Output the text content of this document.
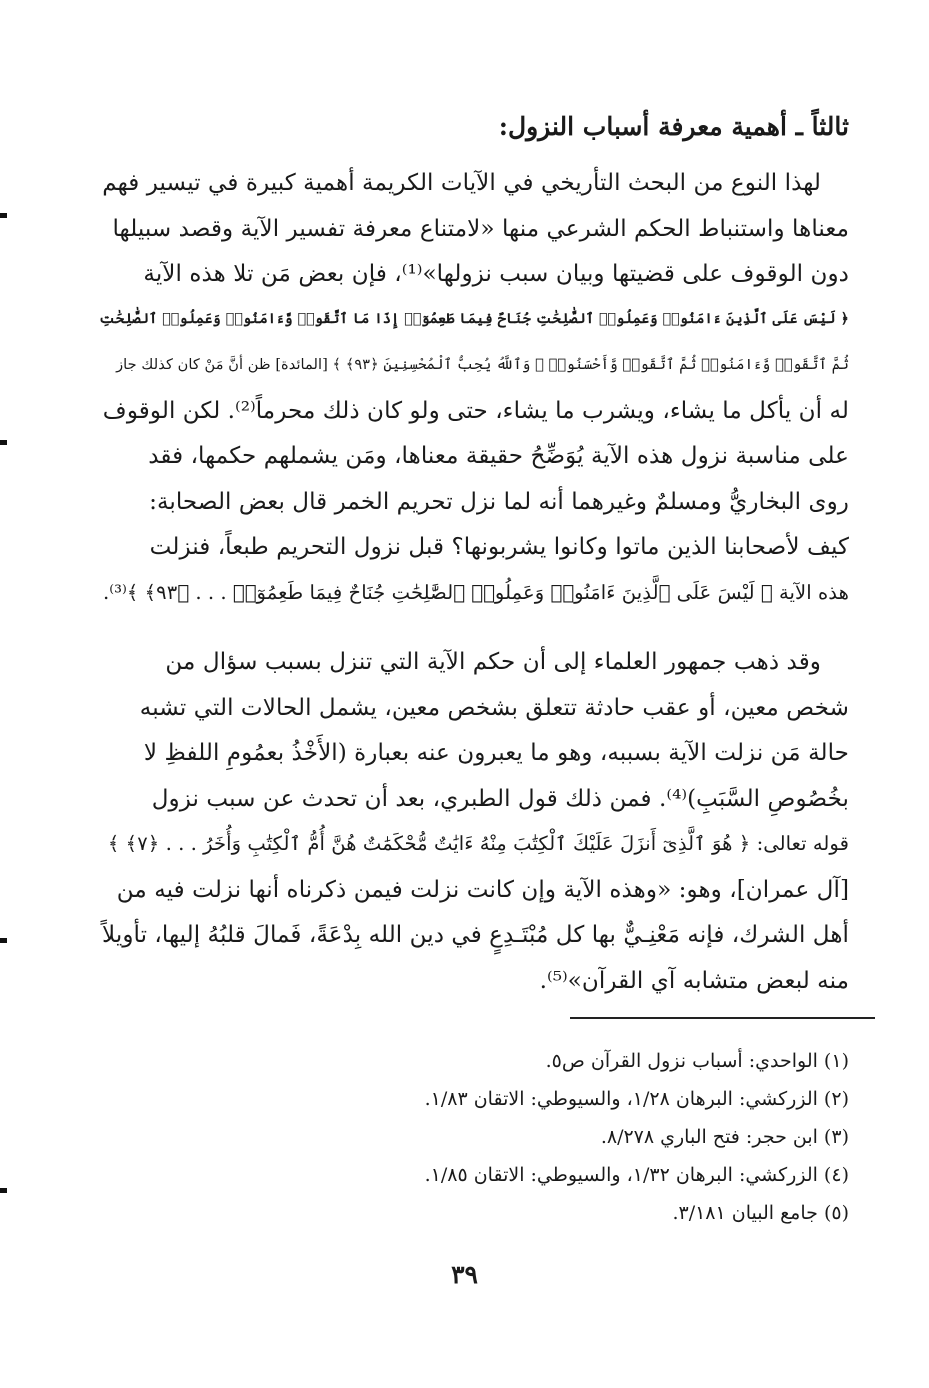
ثالثاً ـ أهمية معرفة أسباب النزول:

لهذا النوع من البحث التأريخي في الآيات الكريمة أهمية كبيرة في تيسير فهم
معناها واستنباط الحكم الشرعي منها «لامتناع معرفة تفسير الآية وقصد سبيلها
دون الوقوف على قضيتها وبيان سبب نزولها»⁽¹⁾، فإن بعض مَن تلا هذه الآية
﴿ لَيْسَ عَلَى ٱلَّذِينَ ءَامَنُوا۟ وَعَمِلُوا۟ ٱلصَّٰلِحَٰتِ جُنَاحٌ فِيمَا طَعِمُوٓا۟ إِذَا مَا ٱتَّقَوا۟ وَّءَامَنُوا۟ وَعَمِلُوا۟ ٱلصَّٰلِحَٰتِ
ثُمَّ ٱتَّقَوا۟ وَّءَامَنُوا۟ ثُمَّ ٱتَّقَوا۟ وَّأَحْسَنُوا۟ ۗ وَٱللَّهُ يُحِبُّ ٱلْمُحْسِنِينَ ﴿٩٣﴾ ﴾ [المائدة] ظن أنَّ مَنْ كان كذلك جاز
له أن يأكل ما يشاء، ويشرب ما يشاء، حتى ولو كان ذلك محرماً⁽²⁾. لكن الوقوف
على مناسبة نزول هذه الآية يُوَضِّحُ حقيقة معناها، ومَن يشملهم حكمها، فقد
روى البخاريُّ ومسلمٌ وغيرهما أنه لما نزل تحريم الخمر قال بعض الصحابة:
كيف لأصحابنا الذين ماتوا وكانوا يشربونها؟ قبل نزول التحريم طبعاً، فنزلت
هذه الآية ﴿ لَيْسَ عَلَى ٱلَّذِينَ ءَامَنُوا۟ وَعَمِلُوا۟ ٱلصَّٰلِحَٰتِ جُنَاحٌ فِيمَا طَعِمُوٓا۟ . . . ﴿٩٣﴾ ﴾⁽³⁾.

وقد ذهب جمهور العلماء إلى أن حكم الآية التي تنزل بسبب سؤال من
شخص معين، أو عقب حادثة تتعلق بشخص معين، يشمل الحالات التي تشبه
حالة مَن نزلت الآية بسببه، وهو ما يعبرون عنه بعبارة (الأَخْذُ بعمُومِ اللفظِ لا
بخُصُوصِ السَّبَبِ)⁽⁴⁾. فمن ذلك قول الطبري، بعد أن تحدث عن سبب نزول
قوله تعالى: ﴿ هُوَ ٱلَّذِىٓ أَنزَلَ عَلَيْكَ ٱلْكِتَٰبَ مِنْهُ ءَايَٰتٌ مُّحْكَمَٰتٌ هُنَّ أُمُّ ٱلْكِتَٰبِ وَأُخَرُ . . . ﴿٧﴾ ﴾
[آل عمران]، وهو: «وهذه الآية وإن كانت نزلت فيمن ذكرناه أنها نزلت فيه من
أهل الشرك، فإنه مَعْنِـيٌّ بها كل مُبْتَـدِعٍ في دين الله بِدْعَةً، فَمالَ قلبُهُ إليها، تأويلاً
منه لبعض متشابه آي القرآن»⁽⁵⁾.

(١) الواحدي: أسباب نزول القرآن ص٥.
(٢) الزركشي: البرهان ١/٢٨، والسيوطي: الاتقان ١/٨٣.
(٣) ابن حجر: فتح الباري ٨/٢٧٨.
(٤) الزركشي: البرهان ١/٣٢، والسيوطي: الاتقان ١/٨٥.
(٥) جامع البيان ٣/١٨١.
٣٩
